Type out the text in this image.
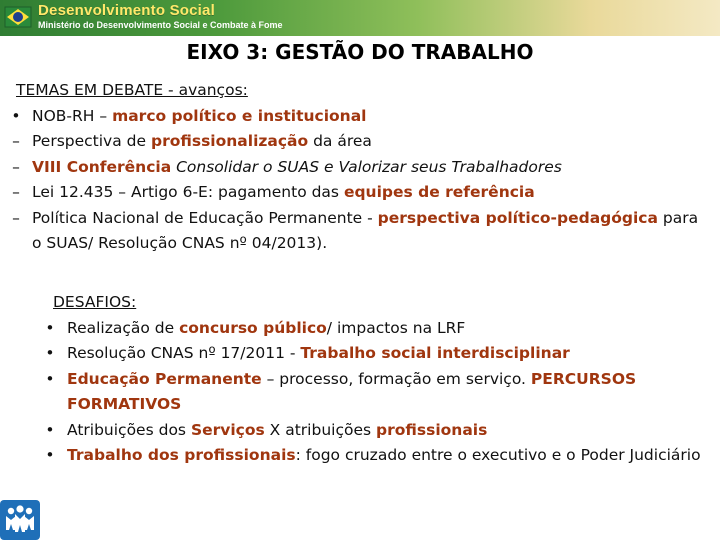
Desenvolvimento Social
Ministério do Desenvolvimento Social e Combate à Fome
EIXO 3: GESTÃO DO TRABALHO
TEMAS EM DEBATE - avanços:
• NOB-RH – marco político e institucional
– Perspectiva de profissionalização da área
– VIII Conferência Consolidar o SUAS e Valorizar seus Trabalhadores
– Lei 12.435 – Artigo 6-E: pagamento das equipes de referência
– Política Nacional de Educação Permanente - perspectiva político-pedagógica para o SUAS/ Resolução CNAS nº 04/2013).
DESAFIOS:
• Realização de concurso público/ impactos na LRF
• Resolução CNAS nº 17/2011 - Trabalho social interdisciplinar
• Educação Permanente – processo, formação em serviço. PERCURSOS FORMATIVOS
• Atribuições dos Serviços X atribuições profissionais
• Trabalho dos profissionais: fogo cruzado entre o executivo e o Poder Judiciário
